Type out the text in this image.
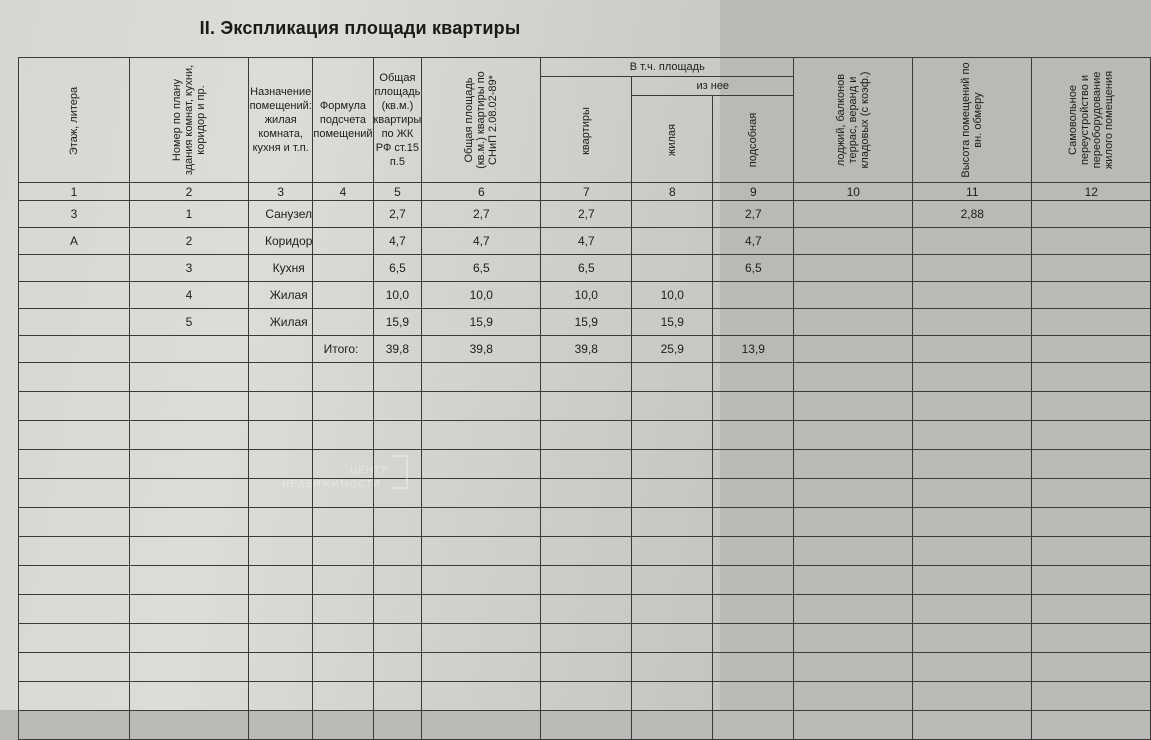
II. Экспликация площади квартиры
Этаж, литера	Номер по плану здания комнат, кухни, коридор и пр.	Назначение помещений: жилая комната, кухня и т.п.	Формула подсчета помещений	Общая площадь (кв.м.) квартиры по ЖК РФ ст.15 п.5	Общая площадь (кв.м.) квартиры по СНиП 2.08.02-89*	В т.ч. площадь			лоджий, балконов террас, веранд и кладовых (с коэф.)	Высота помещений по вн. обмеру	Самовольное переустройство и переоборудование жилого помещения
						квартиры	из нее				
							жилая	подсобная			
1	2	3	4	5	6	7	8	9	10	11	12
3	1	Санузел		2,7	2,7	2,7		2,7		2,88	
А	2	Коридор		4,7	4,7	4,7		4,7			
	3	Кухня		6,5	6,5	6,5		6,5			
	4	Жилая		10,0	10,0	10,0	10,0				
	5	Жилая		15,9	15,9	15,9	15,9				
			Итого:	39,8	39,8	39,8	25,9	13,9			

ЦЕНТР
НЕДВИЖИМОСТИ
